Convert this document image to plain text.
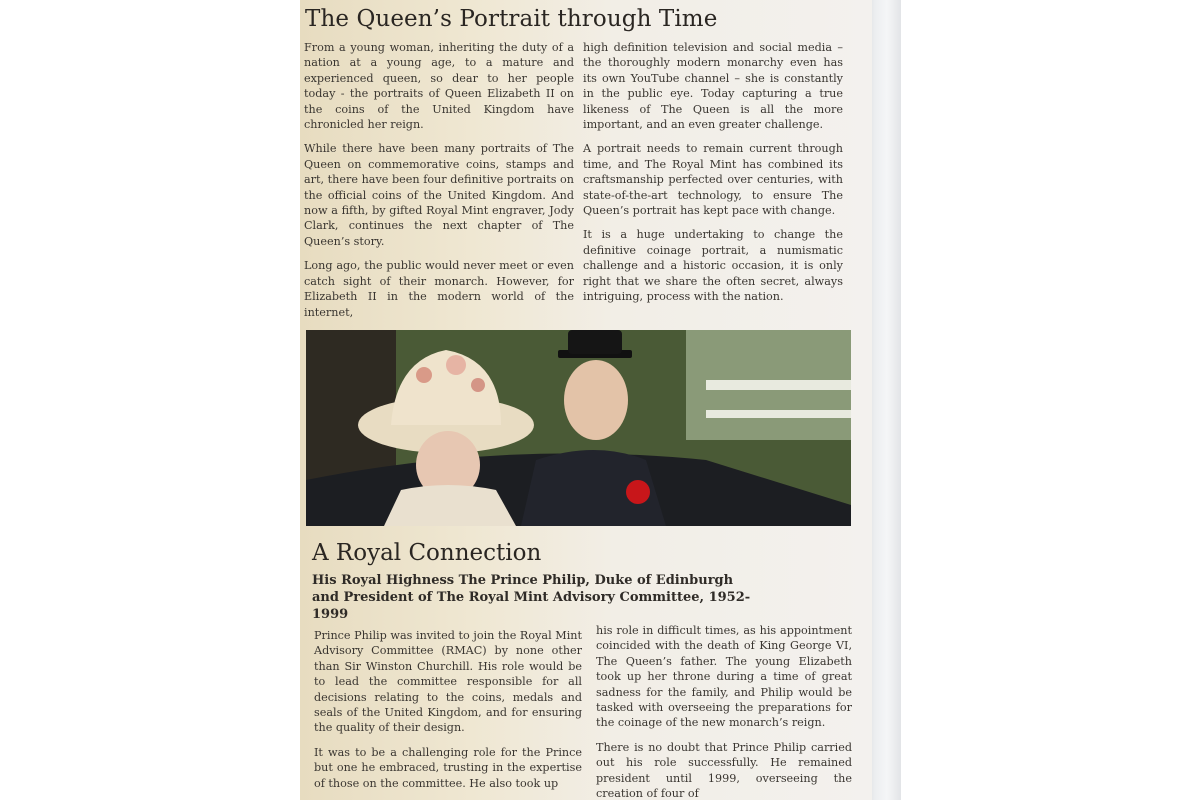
The Queen’s Portrait through Time

From a young woman, inheriting the duty of a nation at a young age, to a mature and experienced queen, so dear to her people today - the portraits of Queen Elizabeth II on the coins of the United Kingdom have chronicled her reign.

While there have been many portraits of The Queen on commemorative coins, stamps and art, there have been four definitive portraits on the official coins of the United Kingdom. And now a fifth, by gifted Royal Mint engraver, Jody Clark, continues the next chapter of The Queen’s story.

Long ago, the public would never meet or even catch sight of their monarch. However, for Elizabeth II in the modern world of the internet,

high definition television and social media – the thoroughly modern monarchy even has its own YouTube channel – she is constantly in the public eye. Today capturing a true likeness of The Queen is all the more important, and an even greater challenge.

A portrait needs to remain current through time, and The Royal Mint has combined its craftsmanship perfected over centuries, with state-of-the-art technology, to ensure The Queen’s portrait has kept pace with change.

It is a huge undertaking to change the definitive coinage portrait, a numismatic challenge and a historic occasion, it is only right that we share the often secret, always intriguing, process with the nation.

A Royal Connection
His Royal Highness The Prince Philip, Duke of Edinburgh and President of The Royal Mint Advisory Committee, 1952-1999

Prince Philip was invited to join the Royal Mint Advisory Committee (RMAC) by none other than Sir Winston Churchill. His role would be to lead the committee responsible for all decisions relating to the coins, medals and seals of the United Kingdom, and for ensuring the quality of their design.

It was to be a challenging role for the Prince but one he embraced, trusting in the expertise of those on the committee. He also took up

his role in difficult times, as his appointment coincided with the death of King George VI, The Queen’s father. The young Elizabeth took up her throne during a time of great sadness for the family, and Philip would be tasked with overseeing the preparations for the coinage of the new monarch’s reign.

There is no doubt that Prince Philip carried out his role successfully. He remained president until 1999, overseeing the creation of four of
